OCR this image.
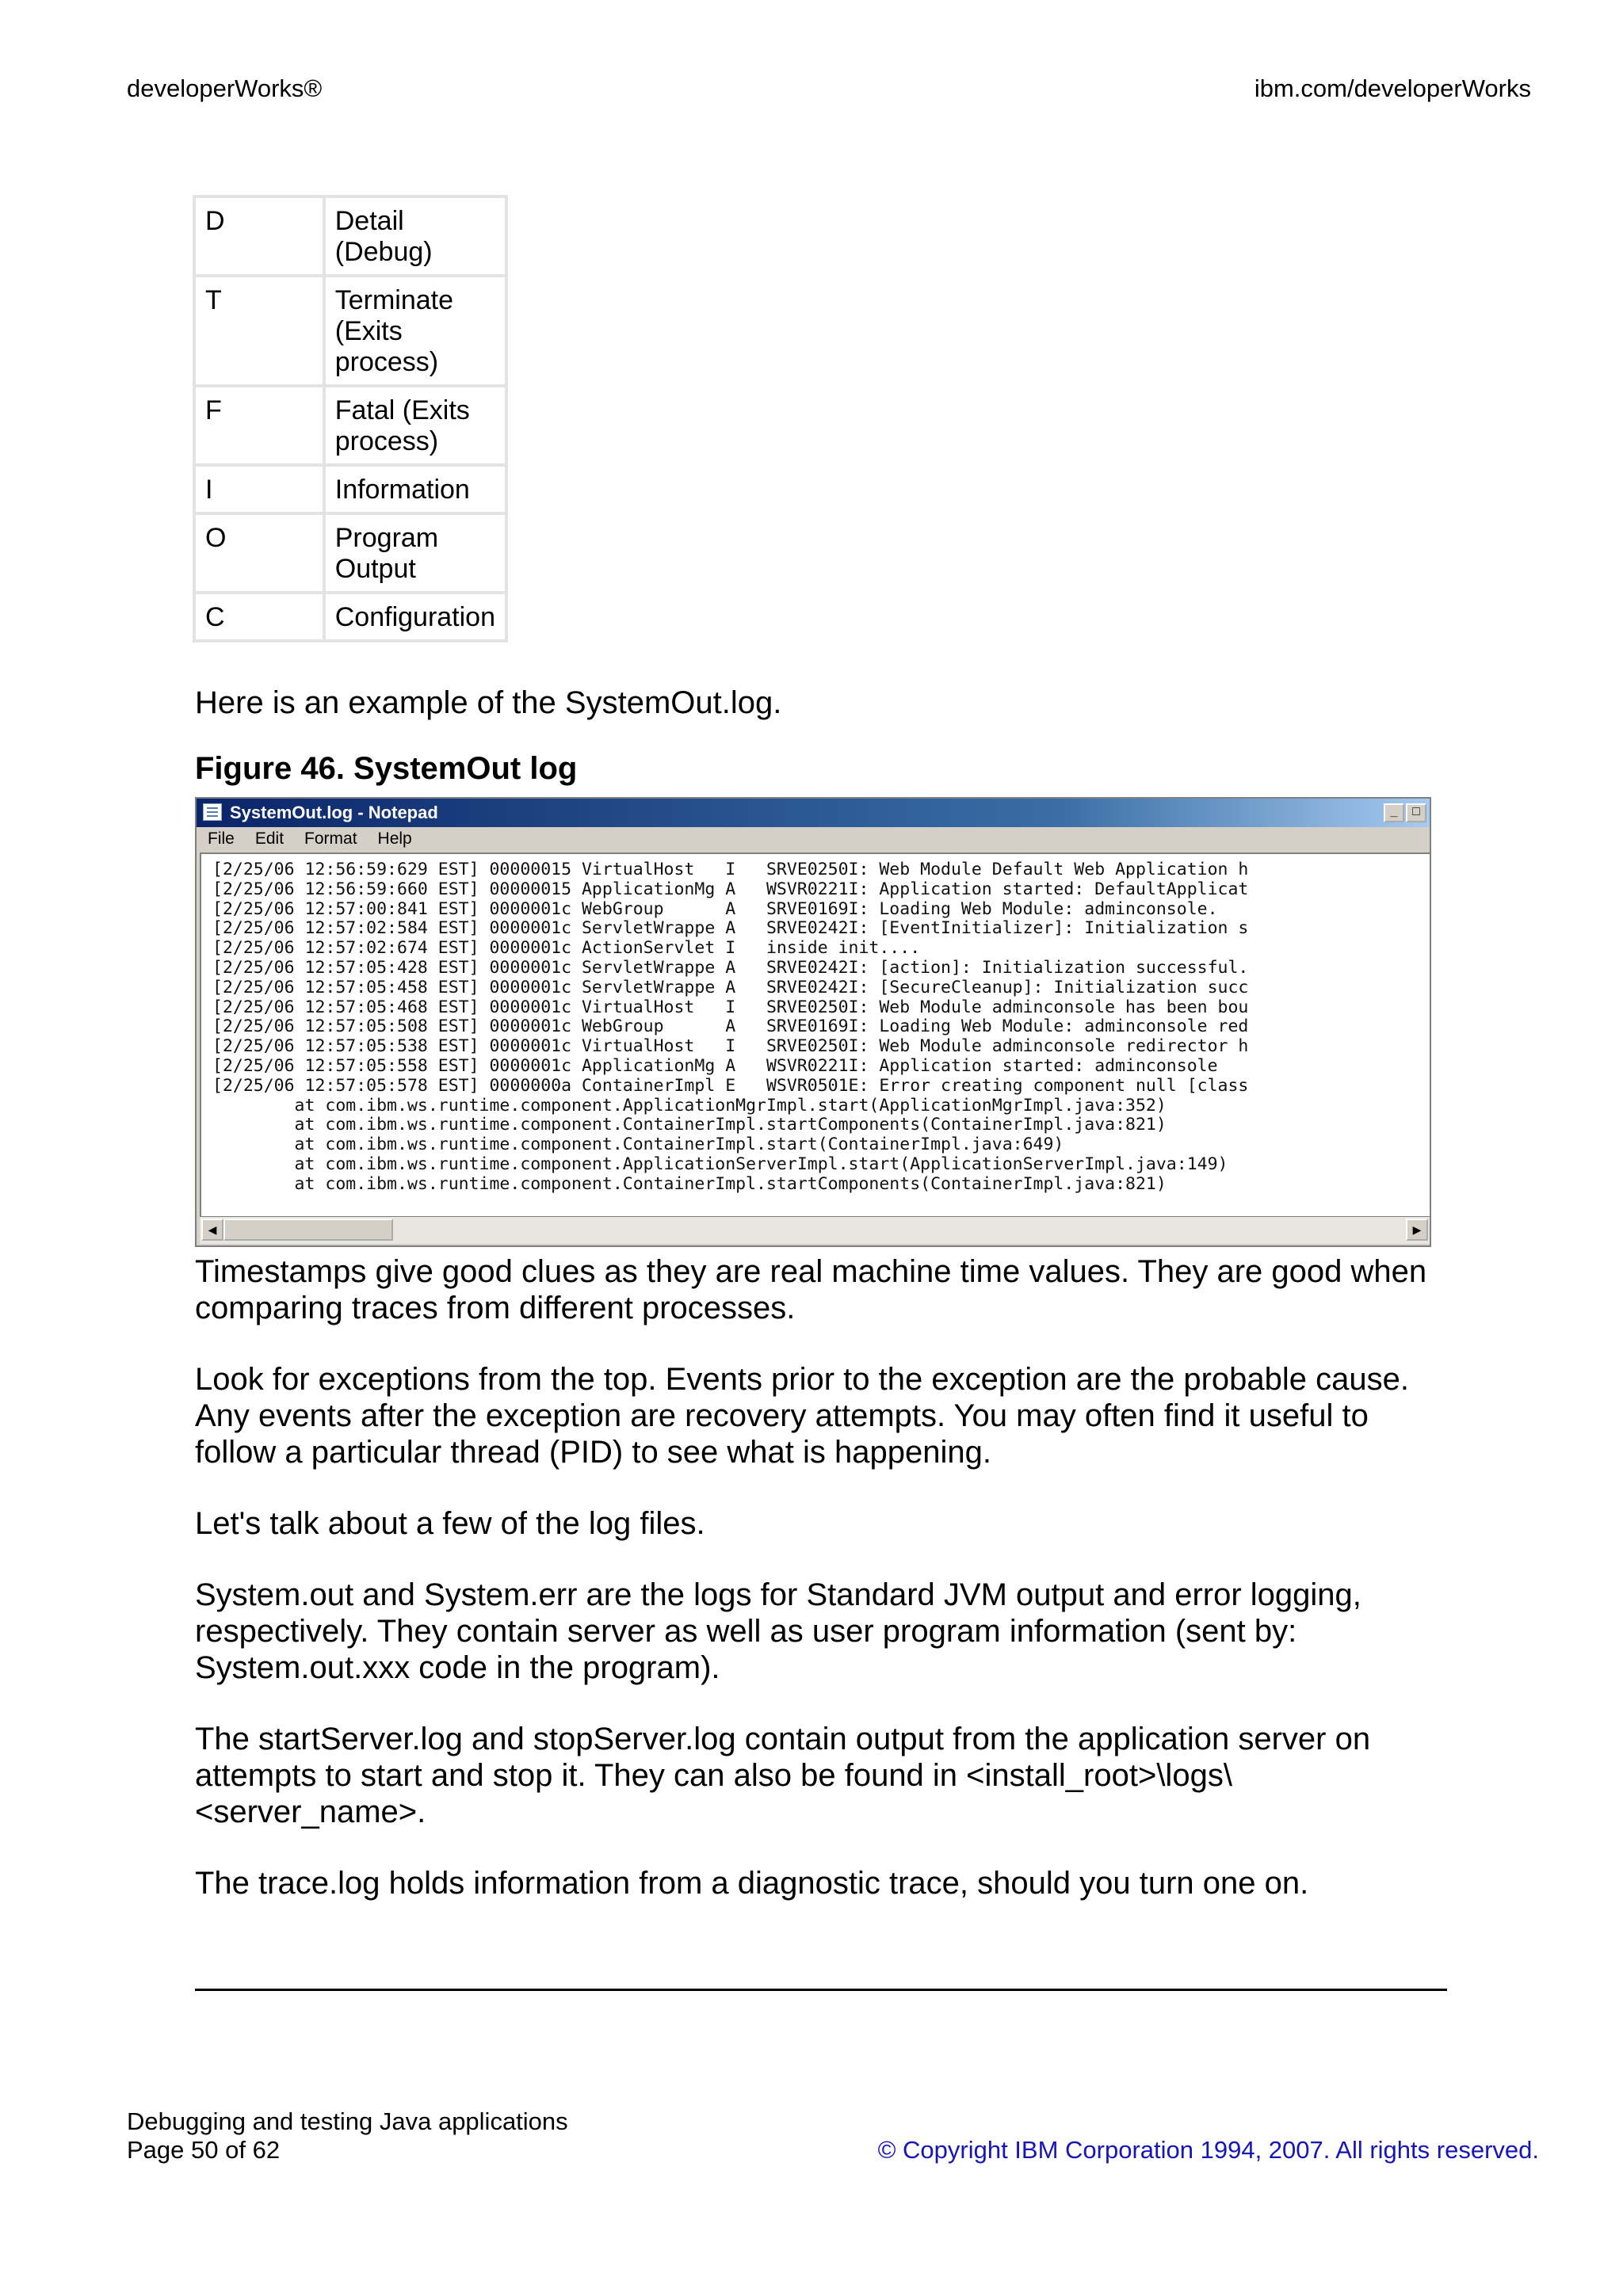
developerWorks®	ibm.com/developerWorks
D	Detail (Debug)
T	Terminate (Exits process)
F	Fatal (Exits process)
I	Information
O	Program Output
C	Configuration

Here is an example of the SystemOut.log.

Figure 46. SystemOut log

SystemOut.log - Notepad	_	□
File Edit Format Help

[2/25/06 12:56:59:629 EST] 00000015 VirtualHost   I   SRVE0250I: Web Module Default Web Application h

[2/25/06 12:56:59:660 EST] 00000015 ApplicationMg A   WSVR0221I: Application started: DefaultApplicat

[2/25/06 12:57:00:841 EST] 0000001c WebGroup      A   SRVE0169I: Loading Web Module: adminconsole.

[2/25/06 12:57:02:584 EST] 0000001c ServletWrappe A   SRVE0242I: [EventInitializer]: Initialization s

[2/25/06 12:57:02:674 EST] 0000001c ActionServlet I   inside init....

[2/25/06 12:57:05:428 EST] 0000001c ServletWrappe A   SRVE0242I: [action]: Initialization successful.

[2/25/06 12:57:05:458 EST] 0000001c ServletWrappe A   SRVE0242I: [SecureCleanup]: Initialization succ

[2/25/06 12:57:05:468 EST] 0000001c VirtualHost   I   SRVE0250I: Web Module adminconsole has been bou

[2/25/06 12:57:05:508 EST] 0000001c WebGroup      A   SRVE0169I: Loading Web Module: adminconsole red

[2/25/06 12:57:05:538 EST] 0000001c VirtualHost   I   SRVE0250I: Web Module adminconsole redirector h

[2/25/06 12:57:05:558 EST] 0000001c ApplicationMg A   WSVR0221I: Application started: adminconsole

[2/25/06 12:57:05:578 EST] 0000000a ContainerImpl E   WSVR0501E: Error creating component null [class

at com.ibm.ws.runtime.component.ApplicationMgrImpl.start(ApplicationMgrImpl.java:352)

at com.ibm.ws.runtime.component.ContainerImpl.startComponents(ContainerImpl.java:821)

at com.ibm.ws.runtime.component.ContainerImpl.start(ContainerImpl.java:649)

at com.ibm.ws.runtime.component.ApplicationServerImpl.start(ApplicationServerImpl.java:149)

at com.ibm.ws.runtime.component.ContainerImpl.startComponents(ContainerImpl.java:821)

◀	▶

Timestamps give good clues as they are real machine time values. They are good when comparing traces from different processes.

Look for exceptions from the top. Events prior to the exception are the probable cause. Any events after the exception are recovery attempts. You may often find it useful to follow a particular thread (PID) to see what is happening.

Let's talk about a few of the log files.

System.out and System.err are the logs for Standard JVM output and error logging, respectively. They contain server as well as user program information (sent by: System.out.xxx code in the program).

The startServer.log and stopServer.log contain output from the application server on attempts to start and stop it. They can also be found in <install_root>\logs\<server_name>.

The trace.log holds information from a diagnostic trace, should you turn one on.

Debugging and testing Java applications
Page 50 of 62	© Copyright IBM Corporation 1994, 2007. All rights reserved.
